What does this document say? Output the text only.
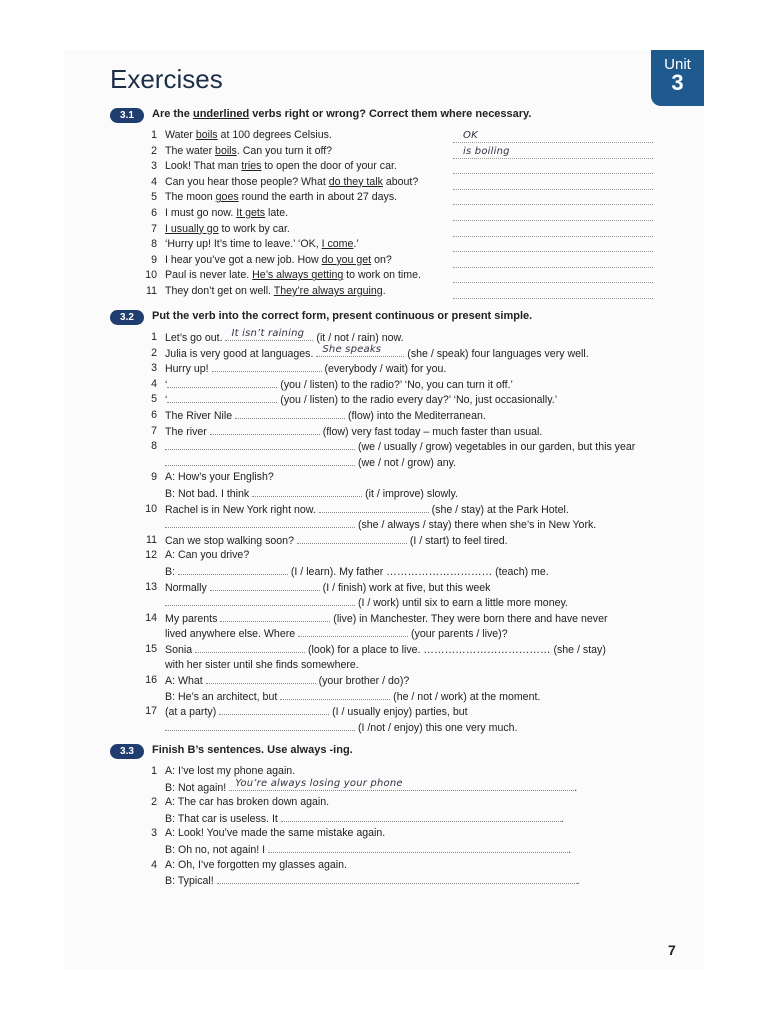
Unit
3
Exercises
3.1	Are the underlined verbs right or wrong? Correct them where necessary.
1 Water boils at 100 degrees Celsius.	OK
2 The water boils. Can you turn it off?	is boiling
3 Look! That man tries to open the door of your car.
4 Can you hear those people? What do they talk about?
5 The moon goes round the earth in about 27 days.
6 I must go now. It gets late.
7 I usually go to work by car.
8 ‘Hurry up! It’s time to leave.’ ‘OK, I come.’
9 I hear you’ve got a new job. How do you get on?
10 Paul is never late. He’s always getting to work on time.
11 They don’t get on well. They’re always arguing.
3.2	Put the verb into the correct form, present continuous or present simple.
1 Let’s go out. It isn’t raining (it / not / rain) now.
2 Julia is very good at languages. She speaks (she / speak) four languages very well.
3 Hurry up!	(everybody / wait) for you.
4 ‘	(you / listen) to the radio?’ ‘No, you can turn it off.’
5 ‘	(you / listen) to the radio every day?’ ‘No, just occasionally.’
6 The River Nile	(flow) into the Mediterranean.
7 The river	(flow) very fast today – much faster than usual.
8	(we / usually / grow) vegetables in our garden, but this year
(we / not / grow) any.
9 A: How’s your English?
B: Not bad. I think	(it / improve) slowly.
10 Rachel is in New York right now.	(she / stay) at the Park Hotel.
(she / always / stay) there when she’s in New York.
11 Can we stop walking soon?	(I / start) to feel tired.
12 A: Can you drive?
B:	(I / learn). My father ………………………… (teach) me.
13 Normally	(I / finish) work at five, but this week
(I / work) until six to earn a little more money.
14 My parents	(live) in Manchester. They were born there and have never
lived anywhere else. Where	(your parents / live)?
15 Sonia	(look) for a place to live. ……………………………… (she / stay)
with her sister until she finds somewhere.
16 A: What	(your brother / do)?
B: He’s an architect, but	(he / not / work) at the moment.
17 (at a party)	(I / usually enjoy) parties, but
(I /not / enjoy) this one very much.
3.3	Finish B’s sentences. Use always -ing.
1 A: I’ve lost my phone again.
B: Not again! You’re always losing your phone	.
2 A: The car has broken down again.
B: That car is useless. It	.
3 A: Look! You’ve made the same mistake again.
B: Oh no, not again! I	.
4 A: Oh, I’ve forgotten my glasses again.
B: Typical!	.
7
